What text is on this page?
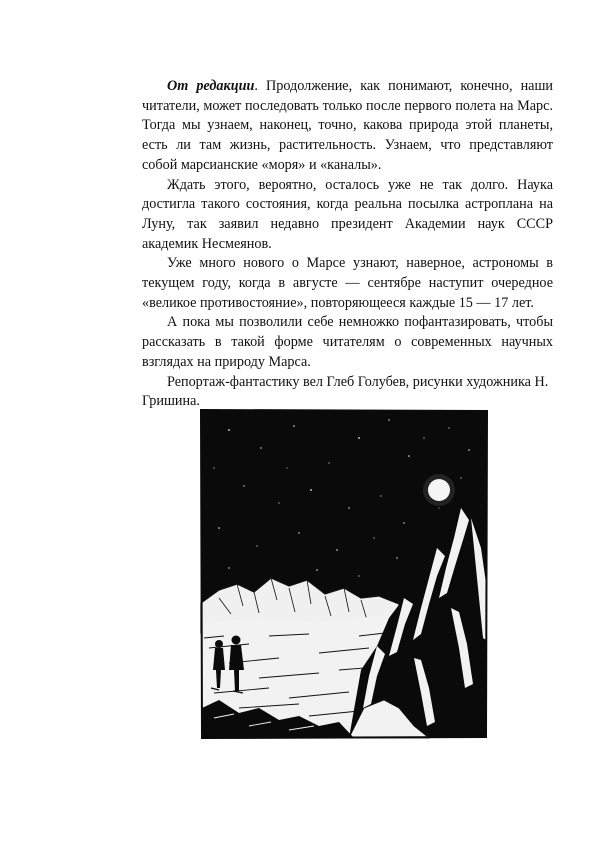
От редакции. Продолжение, как понимают, конечно, наши читатели, может последовать только после первого полета на Марс. Тогда мы узнаем, наконец, точно, какова природа этой планеты, есть ли там жизнь, растительность. Узнаем, что представляют собой марсианские «моря» и «каналы».

Ждать этого, вероятно, осталось уже не так долго. Наука достигла такого состояния, когда реальна посылка астроплана на Луну, так заявил недавно президент Академии наук СССР академик Несмеянов.

Уже много нового о Марсе узнают, наверное, астрономы в текущем году, когда в августе — сентябре наступит очередное «великое противостояние», повторяющееся каждые 15 — 17 лет.

А пока мы позволили себе немножко пофантазировать, чтобы рассказать в такой форме читателям о современных научных взглядах на природу Марса.

Репортаж-фантастику вел Глеб Голубев, рисунки художника Н. Гришина.
